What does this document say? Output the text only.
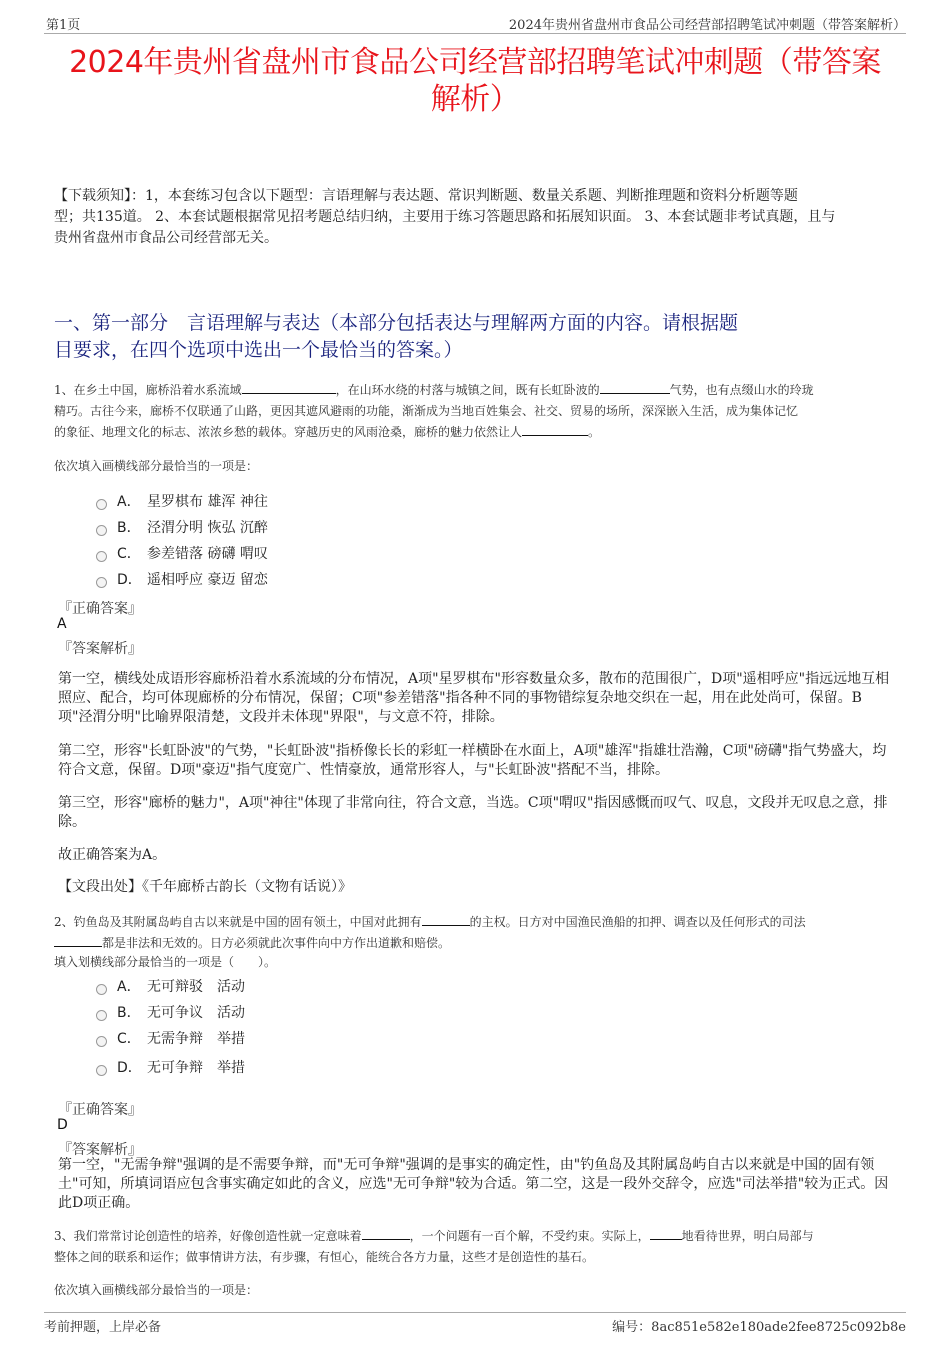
第1页	2024年贵州省盘州市食品公司经营部招聘笔试冲刺题（带答案解析）
2024年贵州省盘州市食品公司经营部招聘笔试冲刺题（带答案
解析）
【下载须知】：1，本套练习包含以下题型：言语理解与表达题、常识判断题、数量关系题、判断推理题和资料分析题等题
型；共135道。 2、本套试题根据常见招考题总结归纳，主要用于练习答题思路和拓展知识面。 3、本套试题非考试真题，且与
贵州省盘州市食品公司经营部无关。
一、第一部分　言语理解与表达（本部分包括表达与理解两方面的内容。请根据题
目要求，在四个选项中选出一个最恰当的答案。）
1、在乡土中国，廊桥沿着水系流域	，在山环水绕的村落与城镇之间，既有长虹卧波的	气势，也有点缀山水的玲珑
精巧。古往今来，廊桥不仅联通了山路，更因其遮风避雨的功能，渐渐成为当地百姓集会、社交、贸易的场所，深深嵌入生活，成为集体记忆
的象征、地理文化的标志、浓浓乡愁的载体。穿越历史的风雨沧桑，廊桥的魅力依然让人	。
依次填入画横线部分最恰当的一项是：
A． 星罗棋布 雄浑 神往
B． 泾渭分明 恢弘 沉醉
C． 参差错落 磅礴 喟叹
D． 遥相呼应 豪迈 留恋
『正确答案』
A
『答案解析』
第一空，横线处成语形容廊桥沿着水系流域的分布情况，A项"星罗棋布"形容数量众多，散布的范围很广，D项"遥相呼应"指远远地互相照应、配合，均可体现廊桥的分布情况，保留；C项"参差错落"指各种不同的事物错综复杂地交织在一起，用在此处尚可，保留。B项"泾渭分明"比喻界限清楚，文段并未体现"界限"，与文意不符，排除。
第二空，形容"长虹卧波"的气势，"长虹卧波"指桥像长长的彩虹一样横卧在水面上，A项"雄浑"指雄壮浩瀚，C项"磅礴"指气势盛大，均符合文意，保留。D项"豪迈"指气度宽广、性情豪放，通常形容人，与"长虹卧波"搭配不当，排除。
第三空，形容"廊桥的魅力"，A项"神往"体现了非常向往，符合文意，当选。C项"喟叹"指因感慨而叹气、叹息，文段并无叹息之意，排除。
故正确答案为A。
【文段出处】《千年廊桥古韵长（文物有话说）》
2、钓鱼岛及其附属岛屿自古以来就是中国的固有领土，中国对此拥有	的主权。日方对中国渔民渔船的扣押、调查以及任何形式的司法
都是非法和无效的。日方必须就此次事件向中方作出道歉和赔偿。
填入划横线部分最恰当的一项是（　　）。
A． 无可辩驳　活动
B． 无可争议　活动
C． 无需争辩　举措
D． 无可争辩　举措
『正确答案』
D
『答案解析』
第一空，"无需争辩"强调的是不需要争辩，而"无可争辩"强调的是事实的确定性，由"钓鱼岛及其附属岛屿自古以来就是中国的固有领土"可知，所填词语应包含事实确定如此的含义，应选"无可争辩"较为合适。第二空，这是一段外交辞令，应选"司法举措"较为正式。因此D项正确。
3、我们常常讨论创造性的培养，好像创造性就一定意味着	，一个问题有一百个解，不受约束。实际上，	地看待世界，明白局部与
整体之间的联系和运作；做事情讲方法，有步骤，有恒心，能统合各方力量，这些才是创造性的基石。
依次填入画横线部分最恰当的一项是：
考前押题，上岸必备	编号：8ac851e582e180ade2fee8725c092b8e
